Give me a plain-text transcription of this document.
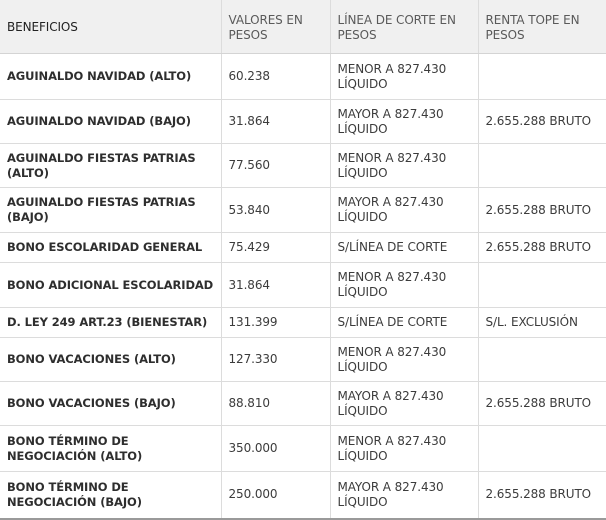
BENEFICIOS	VALORES EN PESOS	LÍNEA DE CORTE EN PESOS	RENTA TOPE EN PESOS
AGUINALDO NAVIDAD (ALTO)	60.238	MENOR A 827.430 LÍQUIDO	
AGUINALDO NAVIDAD (BAJO)	31.864	MAYOR A 827.430 LÍQUIDO	2.655.288 BRUTO
AGUINALDO FIESTAS PATRIAS (ALTO)	77.560	MENOR A 827.430 LÍQUIDO	
AGUINALDO FIESTAS PATRIAS (BAJO)	53.840	MAYOR A 827.430 LÍQUIDO	2.655.288 BRUTO
BONO ESCOLARIDAD GENERAL	75.429	S/LÍNEA DE CORTE	2.655.288 BRUTO
BONO ADICIONAL ESCOLARIDAD	31.864	MENOR A 827.430 LÍQUIDO	
D. LEY 249 ART.23 (BIENESTAR)	131.399	S/LÍNEA DE CORTE	S/L. EXCLUSIÓN
BONO VACACIONES (ALTO)	127.330	MENOR A 827.430 LÍQUIDO	
BONO VACACIONES (BAJO)	88.810	MAYOR A 827.430 LÍQUIDO	2.655.288 BRUTO
BONO TÉRMINO DE NEGOCIACIÓN (ALTO)	350.000	MENOR A 827.430 LÍQUIDO	
BONO TÉRMINO DE NEGOCIACIÓN (BAJO)	250.000	MAYOR A 827.430 LÍQUIDO	2.655.288 BRUTO
